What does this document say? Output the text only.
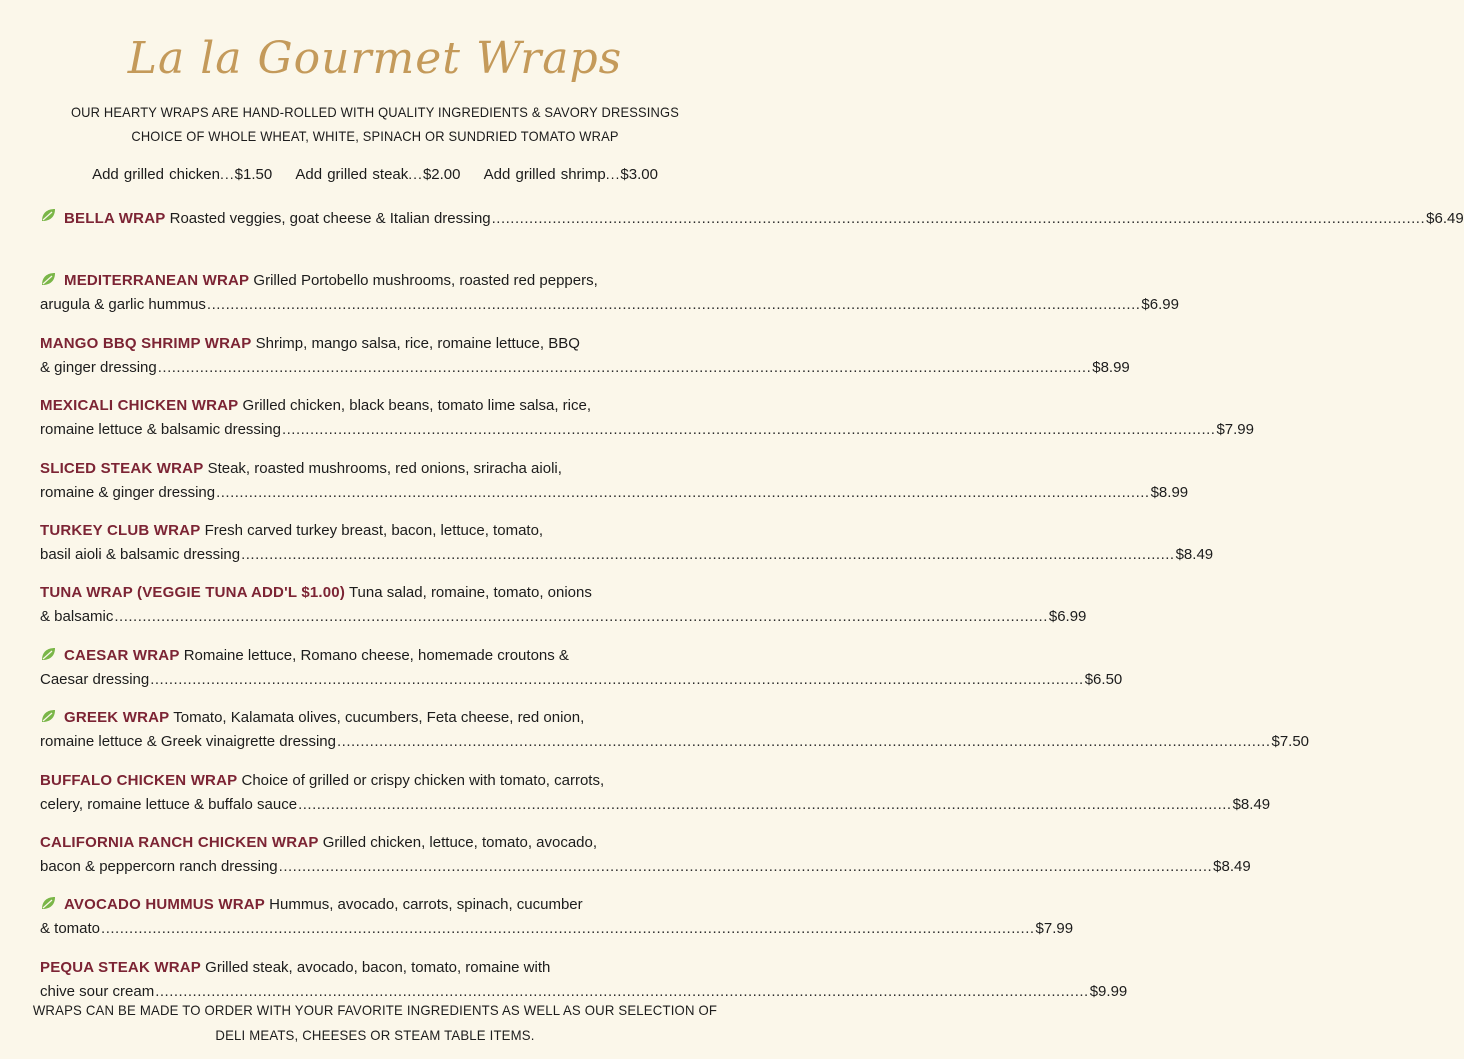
La la Gourmet Wraps
OUR HEARTY WRAPS ARE HAND-ROLLED WITH QUALITY INGREDIENTS & SAVORY DRESSINGS
CHOICE OF WHOLE WHEAT, WHITE, SPINACH OR SUNDRIED TOMATO WRAP
Add grilled chicken...$1.50 Add grilled steak...$2.00 Add grilled shrimp...$3.00
BELLA WRAP Roasted veggies, goat cheese & Italian dressing ........................................................................................................................................................................................................ $6.49
MEDITERRANEAN WRAP Grilled Portobello mushrooms, roasted red peppers,
arugula & garlic hummus ........................................................................................................................................................................................................ $6.99
MANGO BBQ SHRIMP WRAP Shrimp, mango salsa, rice, romaine lettuce, BBQ
& ginger dressing ........................................................................................................................................................................................................ $8.99
MEXICALI CHICKEN WRAP Grilled chicken, black beans, tomato lime salsa, rice,
romaine lettuce & balsamic dressing ........................................................................................................................................................................................................ $7.99
SLICED STEAK WRAP Steak, roasted mushrooms, red onions, sriracha aioli,
romaine & ginger dressing ........................................................................................................................................................................................................ $8.99
TURKEY CLUB WRAP Fresh carved turkey breast, bacon, lettuce, tomato,
basil aioli & balsamic dressing ........................................................................................................................................................................................................ $8.49
TUNA WRAP (VEGGIE TUNA ADD'L $1.00) Tuna salad, romaine, tomato, onions
& balsamic ........................................................................................................................................................................................................ $6.99
CAESAR WRAP Romaine lettuce, Romano cheese, homemade croutons &
Caesar dressing ........................................................................................................................................................................................................ $6.50
GREEK WRAP Tomato, Kalamata olives, cucumbers, Feta cheese, red onion,
romaine lettuce & Greek vinaigrette dressing ........................................................................................................................................................................................................ $7.50
BUFFALO CHICKEN WRAP Choice of grilled or crispy chicken with tomato, carrots,
celery, romaine lettuce & buffalo sauce ........................................................................................................................................................................................................ $8.49
CALIFORNIA RANCH CHICKEN WRAP Grilled chicken, lettuce, tomato, avocado,
bacon & peppercorn ranch dressing ........................................................................................................................................................................................................ $8.49
AVOCADO HUMMUS WRAP Hummus, avocado, carrots, spinach, cucumber
& tomato ........................................................................................................................................................................................................ $7.99
PEQUA STEAK WRAP Grilled steak, avocado, bacon, tomato, romaine with
chive sour cream ........................................................................................................................................................................................................ $9.99
WRAPS CAN BE MADE TO ORDER WITH YOUR FAVORITE INGREDIENTS AS WELL AS OUR SELECTION OF
DELI MEATS, CHEESES OR STEAM TABLE ITEMS.
